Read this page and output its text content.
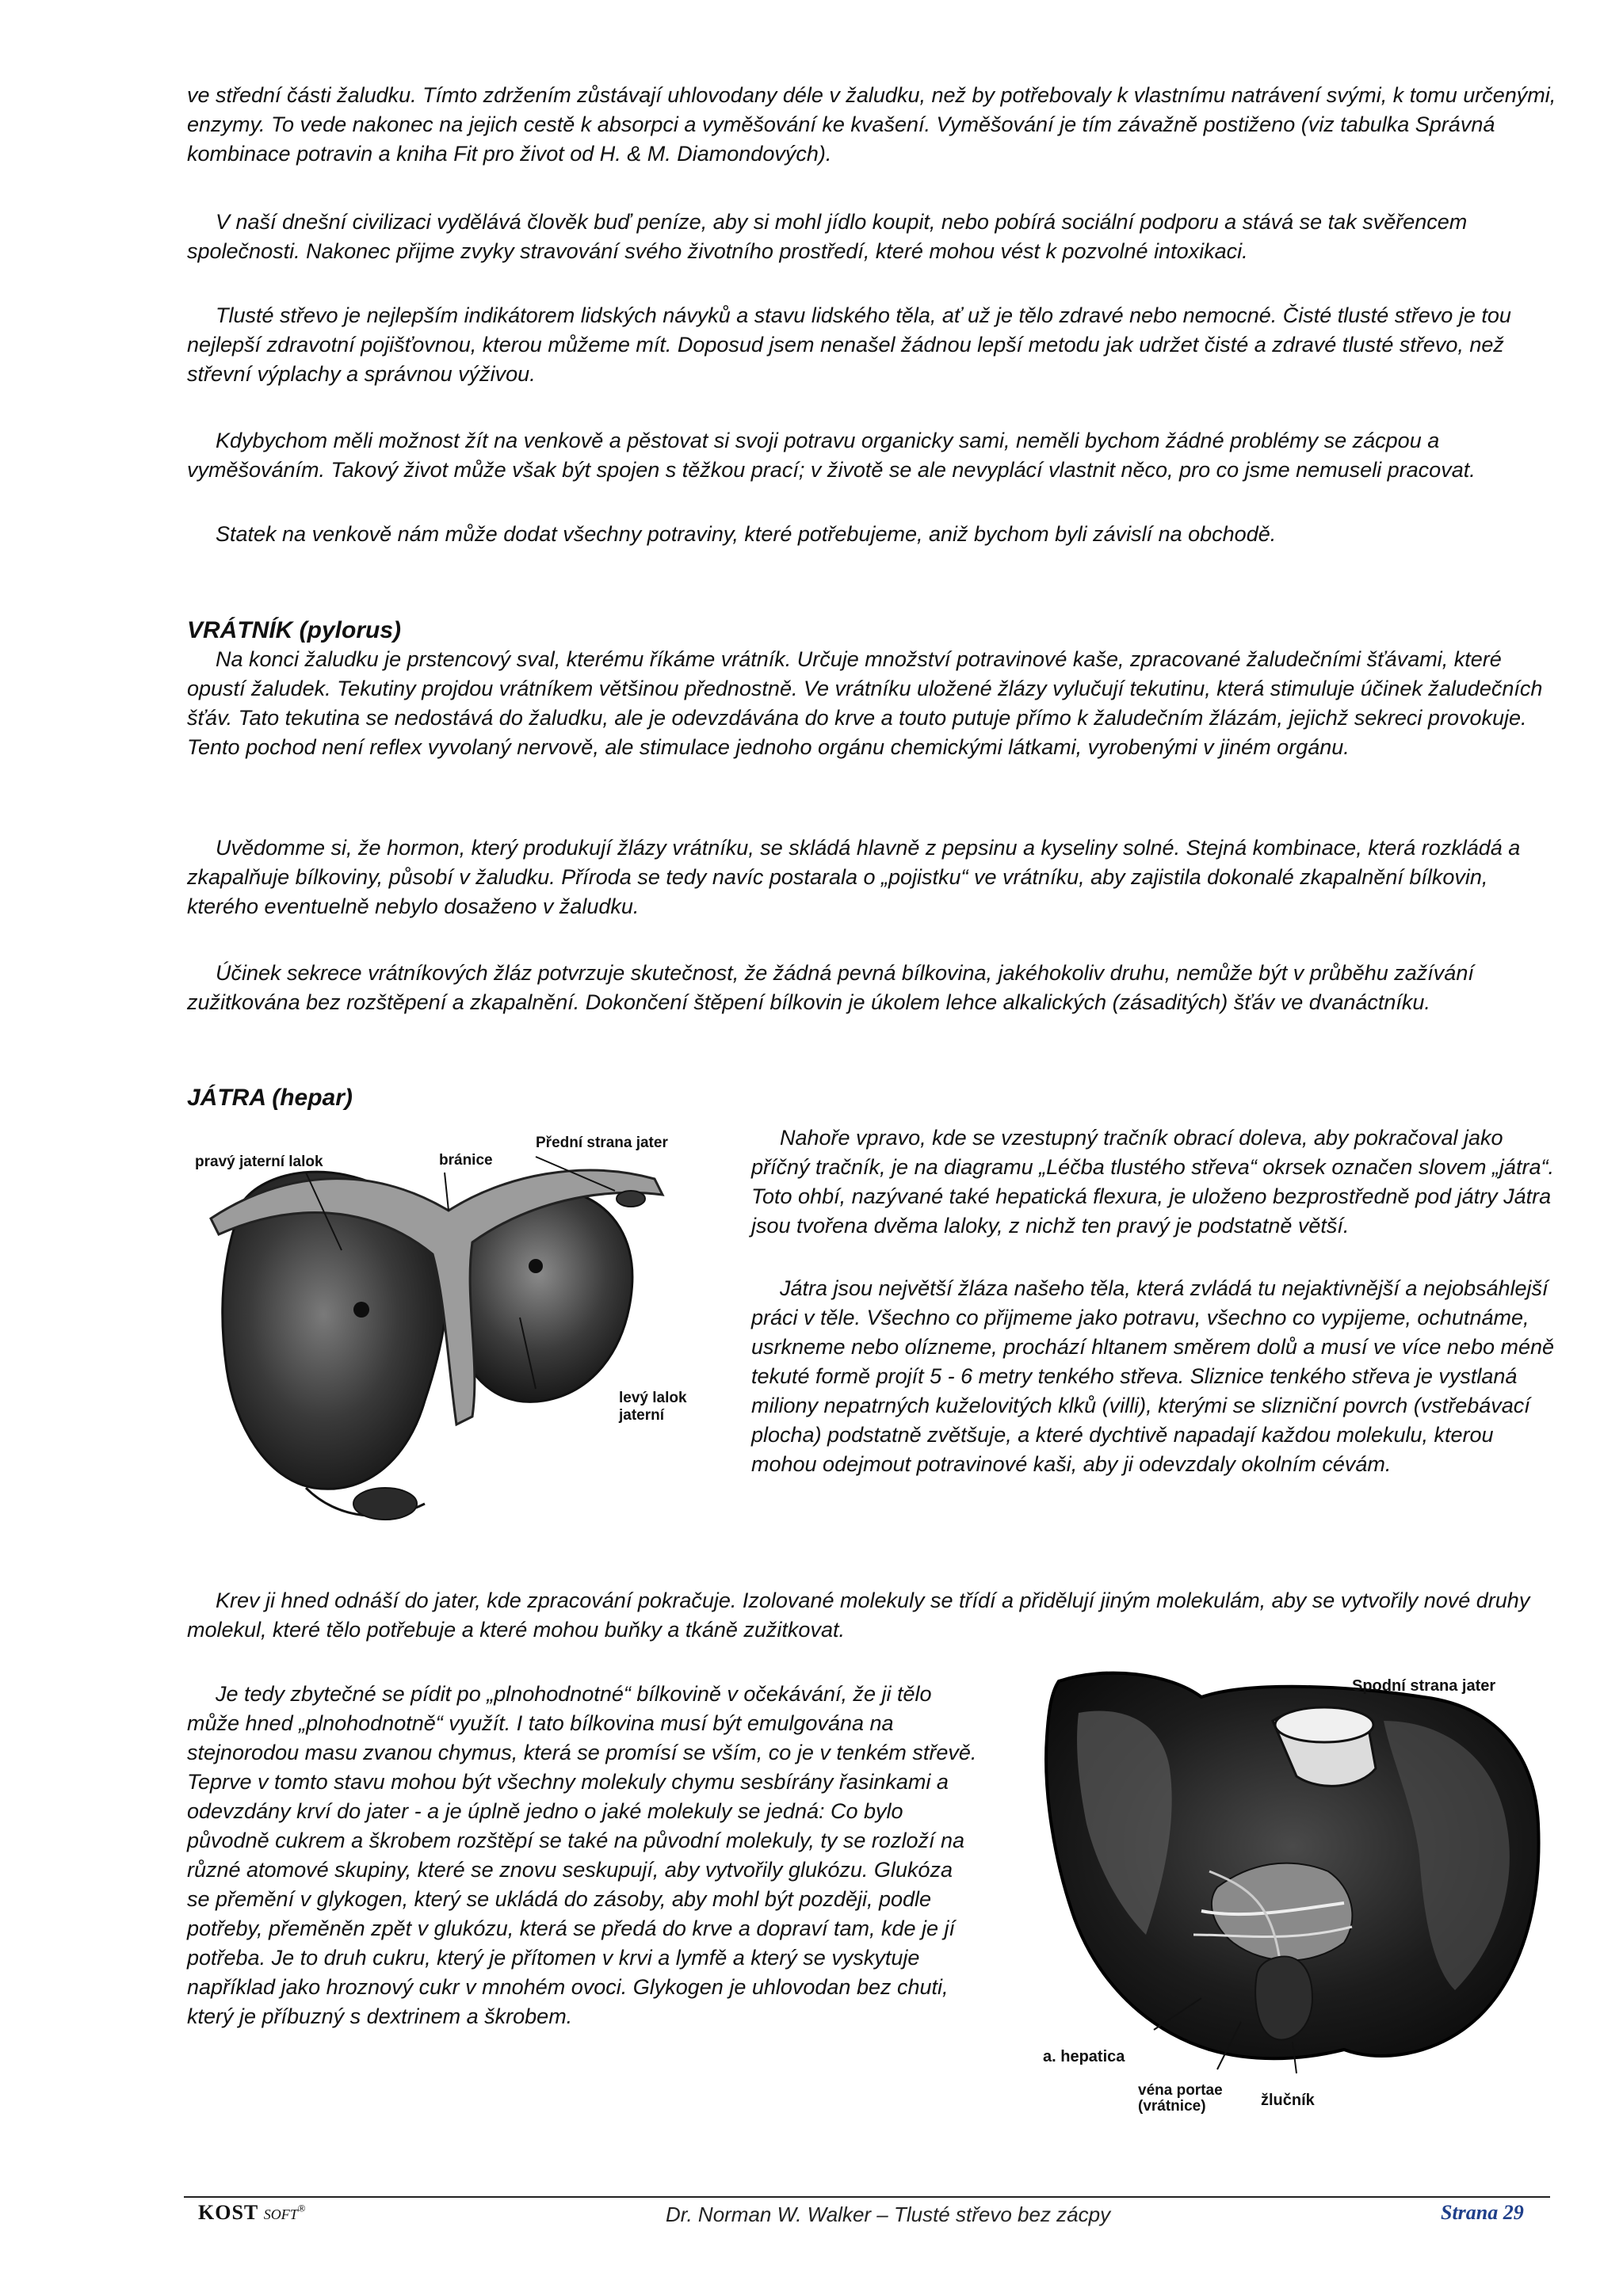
ve střední části žaludku. Tímto zdržením zůstávají uhlovodany déle v žaludku, než by potřebovaly k vlastnímu natrávení svými, k tomu určenými, enzymy. To vede nakonec na jejich cestě k absorpci a vyměšování ke kvašení. Vyměšování je tím závažně postiženo (viz tabulka Správná kombinace potravin a kniha Fit pro život od H. & M. Diamondových).

V naší dnešní civilizaci vydělává člověk buď peníze, aby si mohl jídlo koupit, nebo pobírá sociální podporu a stává se tak svěřencem společnosti. Nakonec přijme zvyky stravování svého životního prostředí, které mohou vést k pozvolné intoxikaci.

Tlusté střevo je nejlepším indikátorem lidských návyků a stavu lidského těla, ať už je tělo zdravé nebo nemocné. Čisté tlusté střevo je tou nejlepší zdravotní pojišťovnou, kterou můžeme mít. Doposud jsem nenašel žádnou lepší metodu jak udržet čisté a zdravé tlusté střevo, než střevní výplachy a správnou výživou.

Kdybychom měli možnost žít na venkově a pěstovat si svoji potravu organicky sami, neměli bychom žádné problémy se zácpou a vyměšováním. Takový život může však být spojen s těžkou prací; v životě se ale nevyplácí vlastnit něco, pro co jsme nemuseli pracovat.

Statek na venkově nám může dodat všechny potraviny, které potřebujeme, aniž bychom byli závislí na obchodě.

VRÁTNÍK (pylorus)

Na konci žaludku je prstencový sval, kterému říkáme vrátník. Určuje množství potravinové kaše, zpracované žaludečními šťávami, které opustí žaludek. Tekutiny projdou vrátníkem většinou přednostně. Ve vrátníku uložené žlázy vylučují tekutinu, která stimuluje účinek žaludečních šťáv. Tato tekutina se nedostává do žaludku, ale je odevzdávána do krve a touto putuje přímo k žaludečním žlázám, jejichž sekreci provokuje. Tento pochod není reflex vyvolaný nervově, ale stimulace jednoho orgánu chemickými látkami, vyrobenými v jiném orgánu.

Uvědomme si, že hormon, který produkují žlázy vrátníku, se skládá hlavně z pepsinu a kyseliny solné. Stejná kombinace, která rozkládá a zkapalňuje bílkoviny, působí v žaludku. Příroda se tedy navíc postarala o „pojistku“ ve vrátníku, aby zajistila dokonalé zkapalnění bílkovin, kterého eventuelně nebylo dosaženo v žaludku.

Účinek sekrece vrátníkových žláz potvrzuje skutečnost, že žádná pevná bílkovina, jakéhokoliv druhu, nemůže být v průběhu zažívání zužitkována bez rozštěpení a zkapalnění. Dokončení štěpení bílkovin je úkolem lehce alkalických (zásaditých) šťáv ve dvanáctníku.

JÁTRA (hepar)
Přední strana jater
pravý jaterní lalok	bránice
levý lalok
jaterní

Nahoře vpravo, kde se vzestupný tračník obrací doleva, aby pokračoval jako příčný tračník, je na diagramu „Léčba tlustého střeva“ okrsek označen slovem „játra“. Toto ohbí, nazývané také hepatická flexura, je uloženo bezprostředně pod játry Játra jsou tvořena dvěma laloky, z nichž ten pravý je podstatně větší.

Játra jsou největší žláza našeho těla, která zvládá tu nejaktivnější a nejobsáhlejší práci v těle. Všechno co přijmeme jako potravu, všechno co vypijeme, ochutnáme, usrkneme nebo olízneme, prochází hltanem směrem dolů a musí ve více nebo méně tekuté formě projít 5 - 6 metry tenkého střeva. Sliznice tenkého střeva je vystlaná miliony nepatrných kuželovitých klků (villi), kterými se slizniční povrch (vstřebávací plocha) podstatně zvětšuje, a které dychtivě napadají každou molekulu, kterou mohou odejmout potravinové kaši, aby ji odevzdaly okolním cévám.

Krev ji hned odnáší do jater, kde zpracování pokračuje. Izolované molekuly se třídí a přidělují jiným molekulám, aby se vytvořily nové druhy molekul, které tělo potřebuje a které mohou buňky a tkáně zužitkovat.

Je tedy zbytečné se pídit po „plnohodnotné“ bílkovině v očekávání, že ji tělo může hned „plnohodnotně“ využít. I tato bílkovina musí být emulgována na stejnorodou masu zvanou chymus, která se promísí se vším, co je v tenkém střevě. Teprve v tomto stavu mohou být všechny molekuly chymu sesbírány řasinkami a odevzdány krví do jater - a je úplně jedno o jaké molekuly se jedná: Co bylo původně cukrem a škrobem rozštěpí se také na původní molekuly, ty se rozloží na různé atomové skupiny, které se znovu seskupují, aby vytvořily glukózu. Glukóza se přemění v glykogen, který se ukládá do zásoby, aby mohl být později, podle potřeby, přeměněn zpět v glukózu, která se předá do krve a dopraví tam, kde je jí potřeba. Je to druh cukru, který je přítomen v krvi a lymfě a který se vyskytuje například jako hroznový cukr v mnohém ovoci. Glykogen je uhlovodan bez chuti, který je příbuzný s dextrinem a škrobem.

Spodní strana jater
a. hepatica
véna portae
(vrátnice)	žlučník
KOST SOFT®	Dr. Norman W. Walker – Tlusté střevo bez zácpy	Strana 29
